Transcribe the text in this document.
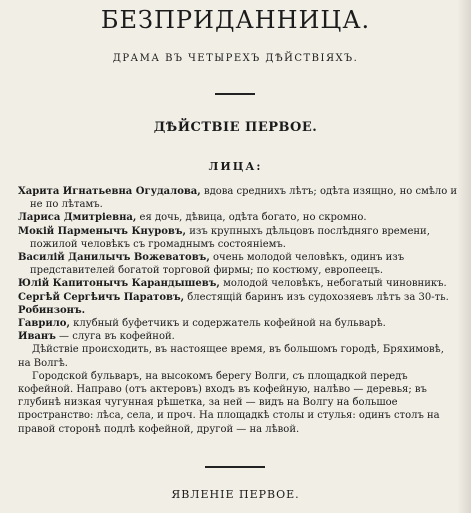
БЕЗПРИДАННИЦА.
ДРАМА ВЪ ЧЕТЫРЕХЪ ДѢЙСТВІЯХЪ.
ДѢЙСТВІЕ ПЕРВОЕ.
ЛИЦА:
Харита Игнатьевна Огудалова, вдова среднихъ лѣтъ; одѣта изящно, но смѣло и не по лѣтамъ.
Лариса Дмитріевна, ея дочь, дѣвица, одѣта богато, но скромно.
Мокій Парменычъ Кнуровъ, изъ крупныхъ дѣльцовъ послѣдняго времени, пожилой человѣкъ съ громаднымъ состояніемъ.
Василій Данилычъ Вожеватовъ, очень молодой человѣкъ, одинъ изъ представителей богатой торговой фирмы; по костюму, европеецъ.
Юлій Капитонычъ Карандышевъ, молодой человѣкъ, небогатый чиновникъ.
Сергѣй Сергѣичъ Паратовъ, блестящій баринъ изъ судохозяевъ лѣтъ за 30-ть.
Робинзонъ.
Гаврило, клубный буфетчикъ и содержатель кофейной на бульварѣ.
Иванъ — слуга въ кофейной.

Дѣйствіе происходить, въ настоящее время, въ большомъ городѣ, Бряхимовѣ, на Волгѣ.

Городской бульваръ, на высокомъ берегу Волги, съ площадкой передъ кофейной. Направо (отъ актеровъ) входъ въ кофейную, налѣво — деревья; въ глубинѣ низкая чугунная рѣшетка, за ней — видъ на Волгу на большое пространство: лѣса, села, и проч. На площадкѣ столы и стулья: одинъ столъ на правой сторонѣ подлѣ кофейной, другой — на лѣвой.

ЯВЛЕНІЕ ПЕРВОЕ.
